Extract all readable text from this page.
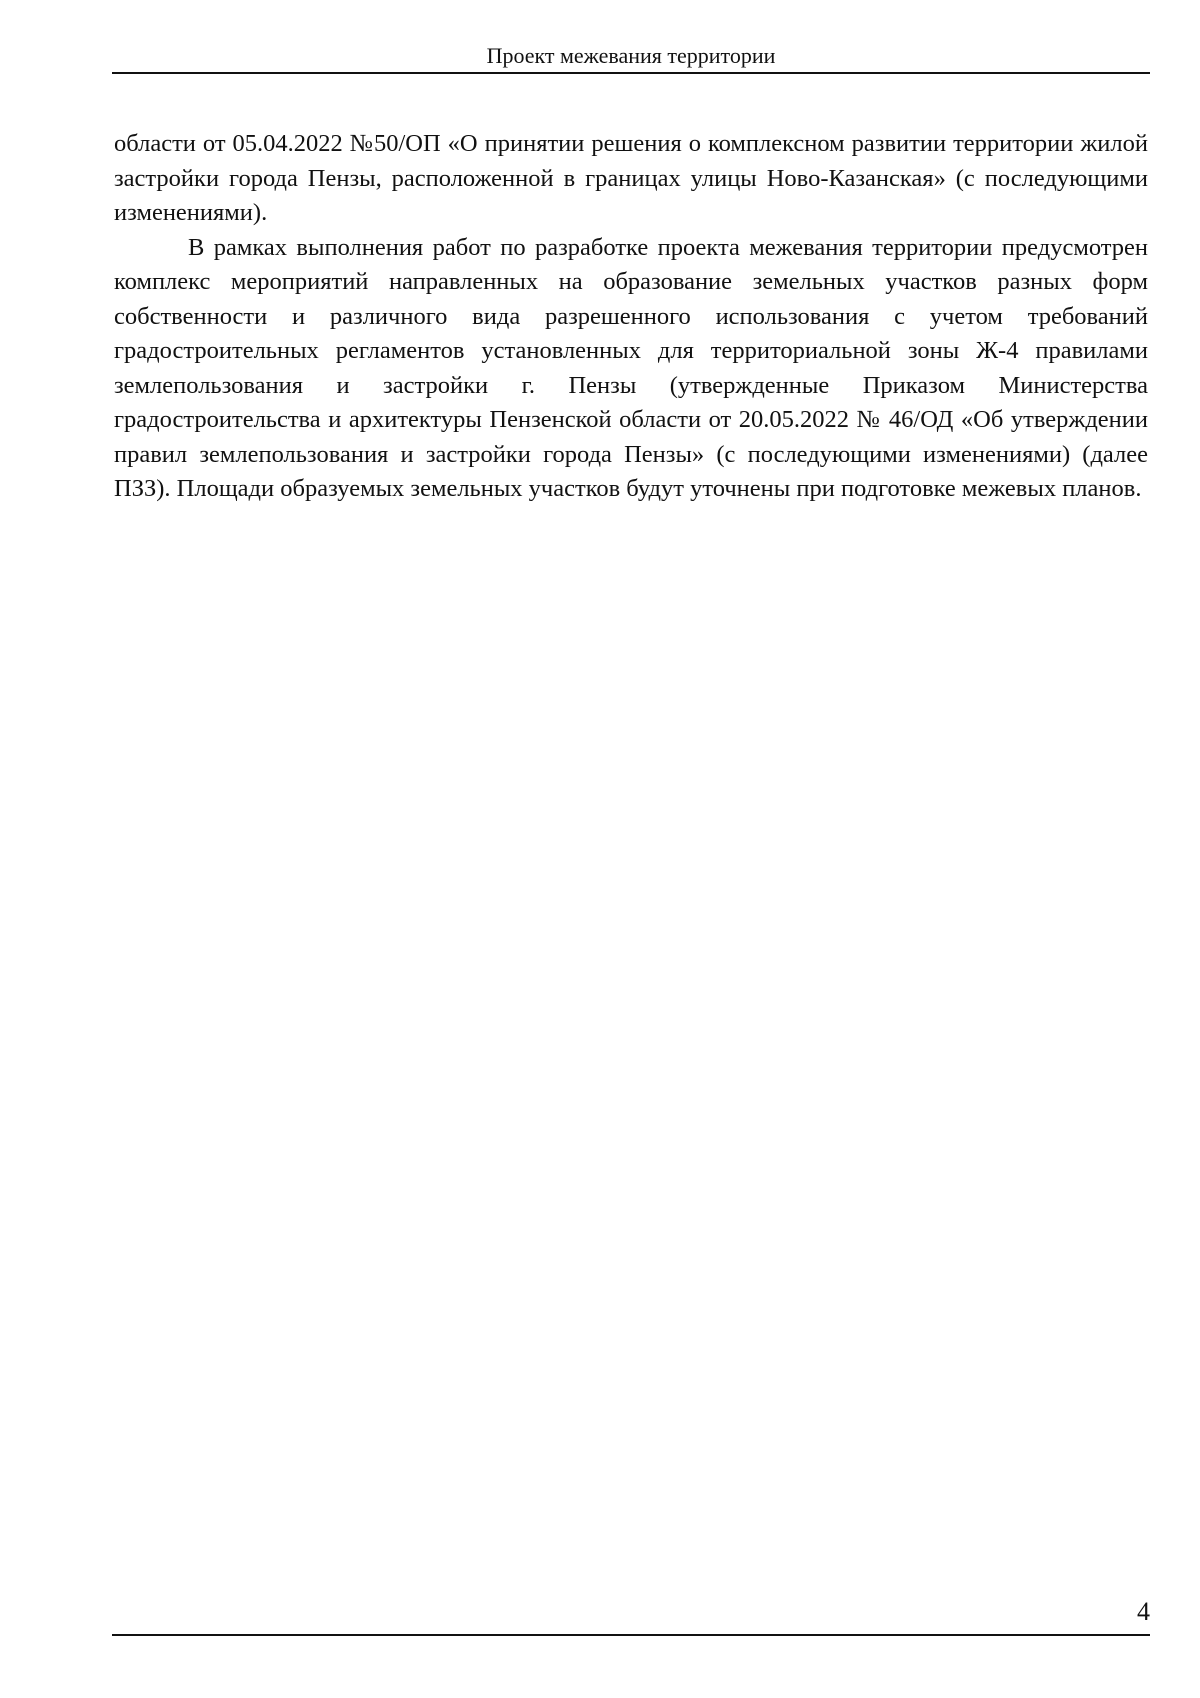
Проект межевания территории

области от 05.04.2022 №50/ОП «О принятии решения о комплексном развитии территории жилой застройки города Пензы, расположенной в границах улицы Ново-Казанская» (с последующими изменениями).

В рамках выполнения работ по разработке проекта межевания территории предусмотрен комплекс мероприятий направленных на образование земельных участков разных форм собственности и различного вида разрешенного использования с учетом требований градостроительных регламентов установленных для территориальной зоны Ж-4 правилами землепользования и застройки г. Пензы (утвержденные Приказом Министерства градостроительства и архитектуры Пензенской области от 20.05.2022 № 46/ОД «Об утверждении правил землепользования и застройки города Пензы» (с последующими изменениями) (далее ПЗЗ). Площади образуемых земельных участков будут уточнены при подготовке межевых планов.

4
